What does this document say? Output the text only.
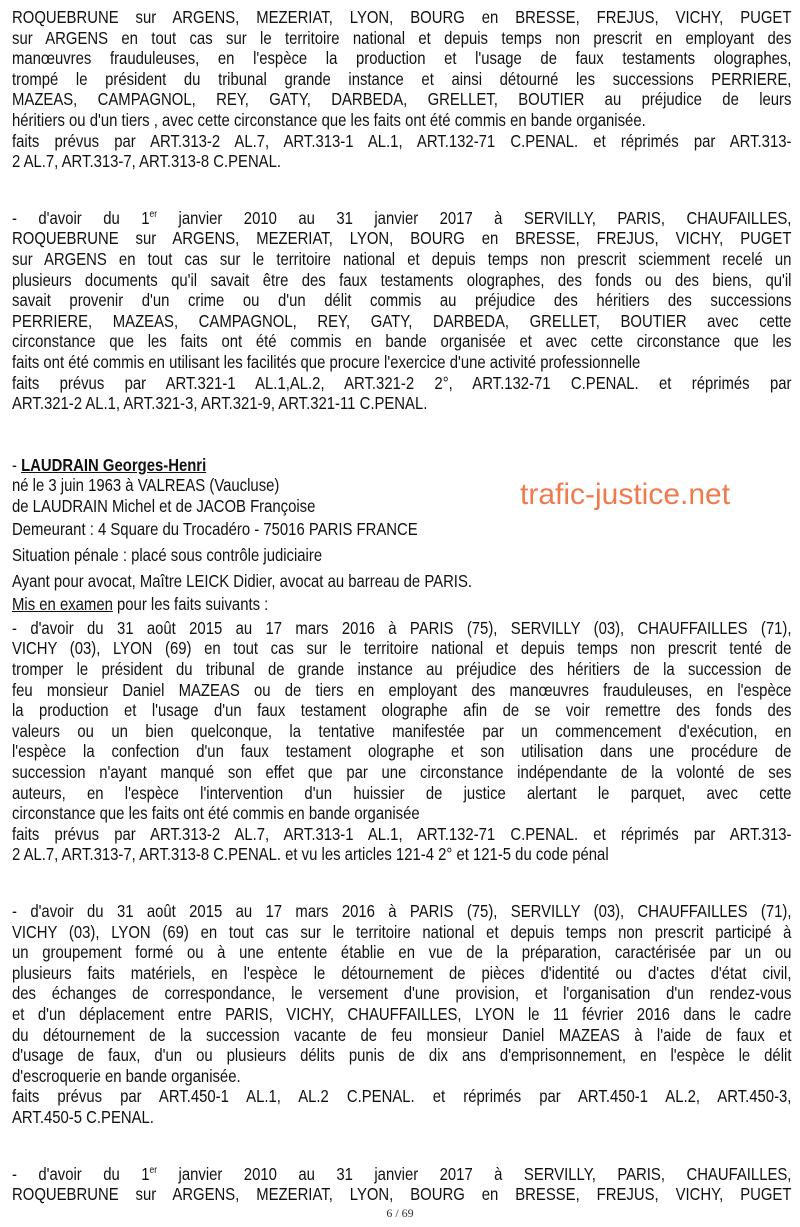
ROQUEBRUNE sur ARGENS, MEZERIAT, LYON, BOURG en BRESSE, FREJUS, VICHY, PUGET
sur ARGENS en tout cas sur le territoire national et depuis temps non prescrit en employant des
manœuvres frauduleuses, en l'espèce la production et l'usage de faux testaments olographes,
trompé le président du tribunal grande instance et ainsi détourné les successions PERRIERE,
MAZEAS, CAMPAGNOL, REY, GATY, DARBEDA, GRELLET, BOUTIER au préjudice de leurs
héritiers ou d'un tiers , avec cette circonstance que les faits ont été commis en bande organisée.
faits prévus par ART.313-2 AL.7, ART.313-1 AL.1, ART.132-71 C.PENAL. et réprimés par ART.313-
2 AL.7, ART.313-7, ART.313-8 C.PENAL.
- d'avoir du 1er janvier 2010 au 31 janvier 2017 à SERVILLY, PARIS, CHAUFAILLES,
ROQUEBRUNE sur ARGENS, MEZERIAT, LYON, BOURG en BRESSE, FREJUS, VICHY, PUGET
sur ARGENS en tout cas sur le territoire national et depuis temps non prescrit sciemment recelé un
plusieurs documents qu'il savait être des faux testaments olographes, des fonds ou des biens, qu'il
savait provenir d'un crime ou d'un délit commis au préjudice des héritiers des successions
PERRIERE, MAZEAS, CAMPAGNOL, REY, GATY, DARBEDA, GRELLET, BOUTIER avec cette
circonstance que les faits ont été commis en bande organisée et avec cette circonstance que les
faits ont été commis en utilisant les facilités que procure l'exercice d'une activité professionnelle
faits prévus par ART.321-1 AL.1,AL.2, ART.321-2 2°, ART.132-71 C.PENAL. et réprimés par
ART.321-2 AL.1, ART.321-3, ART.321-9, ART.321-11 C.PENAL.
- LAUDRAIN Georges-Henri
né le 3 juin 1963 à VALREAS (Vaucluse)
de LAUDRAIN Michel et de JACOB Françoise
Demeurant : 4 Square du Trocadéro - 75016 PARIS FRANCE
Situation pénale : placé sous contrôle judiciaire
Ayant pour avocat, Maître LEICK Didier, avocat au barreau de PARIS.
Mis en examen pour les faits suivants :
- d'avoir du 31 août 2015 au 17 mars 2016 à PARIS (75), SERVILLY (03), CHAUFFAILLES (71),
VICHY (03), LYON (69) en tout cas sur le territoire national et depuis temps non prescrit tenté de
tromper le président du tribunal de grande instance au préjudice des héritiers de la succession de
feu monsieur Daniel MAZEAS ou de tiers en employant des manœuvres frauduleuses, en l'espèce
la production et l'usage d'un faux testament olographe afin de se voir remettre des fonds des
valeurs ou un bien quelconque, la tentative manifestée par un commencement d'exécution, en
l'espèce la confection d'un faux testament olographe et son utilisation dans une procédure de
succession n'ayant manqué son effet que par une circonstance indépendante de la volonté de ses
auteurs, en l'espèce l'intervention d'un huissier de justice alertant le parquet, avec cette
circonstance que les faits ont été commis en bande organisée
faits prévus par ART.313-2 AL.7, ART.313-1 AL.1, ART.132-71 C.PENAL. et réprimés par ART.313-
2 AL.7, ART.313-7, ART.313-8 C.PENAL. et vu les articles 121-4 2° et 121-5 du code pénal
- d'avoir du 31 août 2015 au 17 mars 2016 à PARIS (75), SERVILLY (03), CHAUFFAILLES (71),
VICHY (03), LYON (69) en tout cas sur le territoire national et depuis temps non prescrit participé à
un groupement formé ou à une entente établie en vue de la préparation, caractérisée par un ou
plusieurs faits matériels, en l'espèce le détournement de pièces d'identité ou d'actes d'état civil,
des échanges de correspondance, le versement d'une provision, et l'organisation d'un rendez-vous
et d'un déplacement entre PARIS, VICHY, CHAUFFAILLES, LYON le 11 février 2016 dans le cadre
du détournement de la succession vacante de feu monsieur Daniel MAZEAS à l'aide de faux et
d'usage de faux, d'un ou plusieurs délits punis de dix ans d'emprisonnement, en l'espèce le délit
d'escroquerie en bande organisée.
faits prévus par ART.450-1 AL.1, AL.2 C.PENAL. et réprimés par ART.450-1 AL.2, ART.450-3,
ART.450-5 C.PENAL.
- d'avoir du 1er janvier 2010 au 31 janvier 2017 à SERVILLY, PARIS, CHAUFAILLES,
ROQUEBRUNE sur ARGENS, MEZERIAT, LYON, BOURG en BRESSE, FREJUS, VICHY, PUGET
trafic-justice.net
6 / 69
